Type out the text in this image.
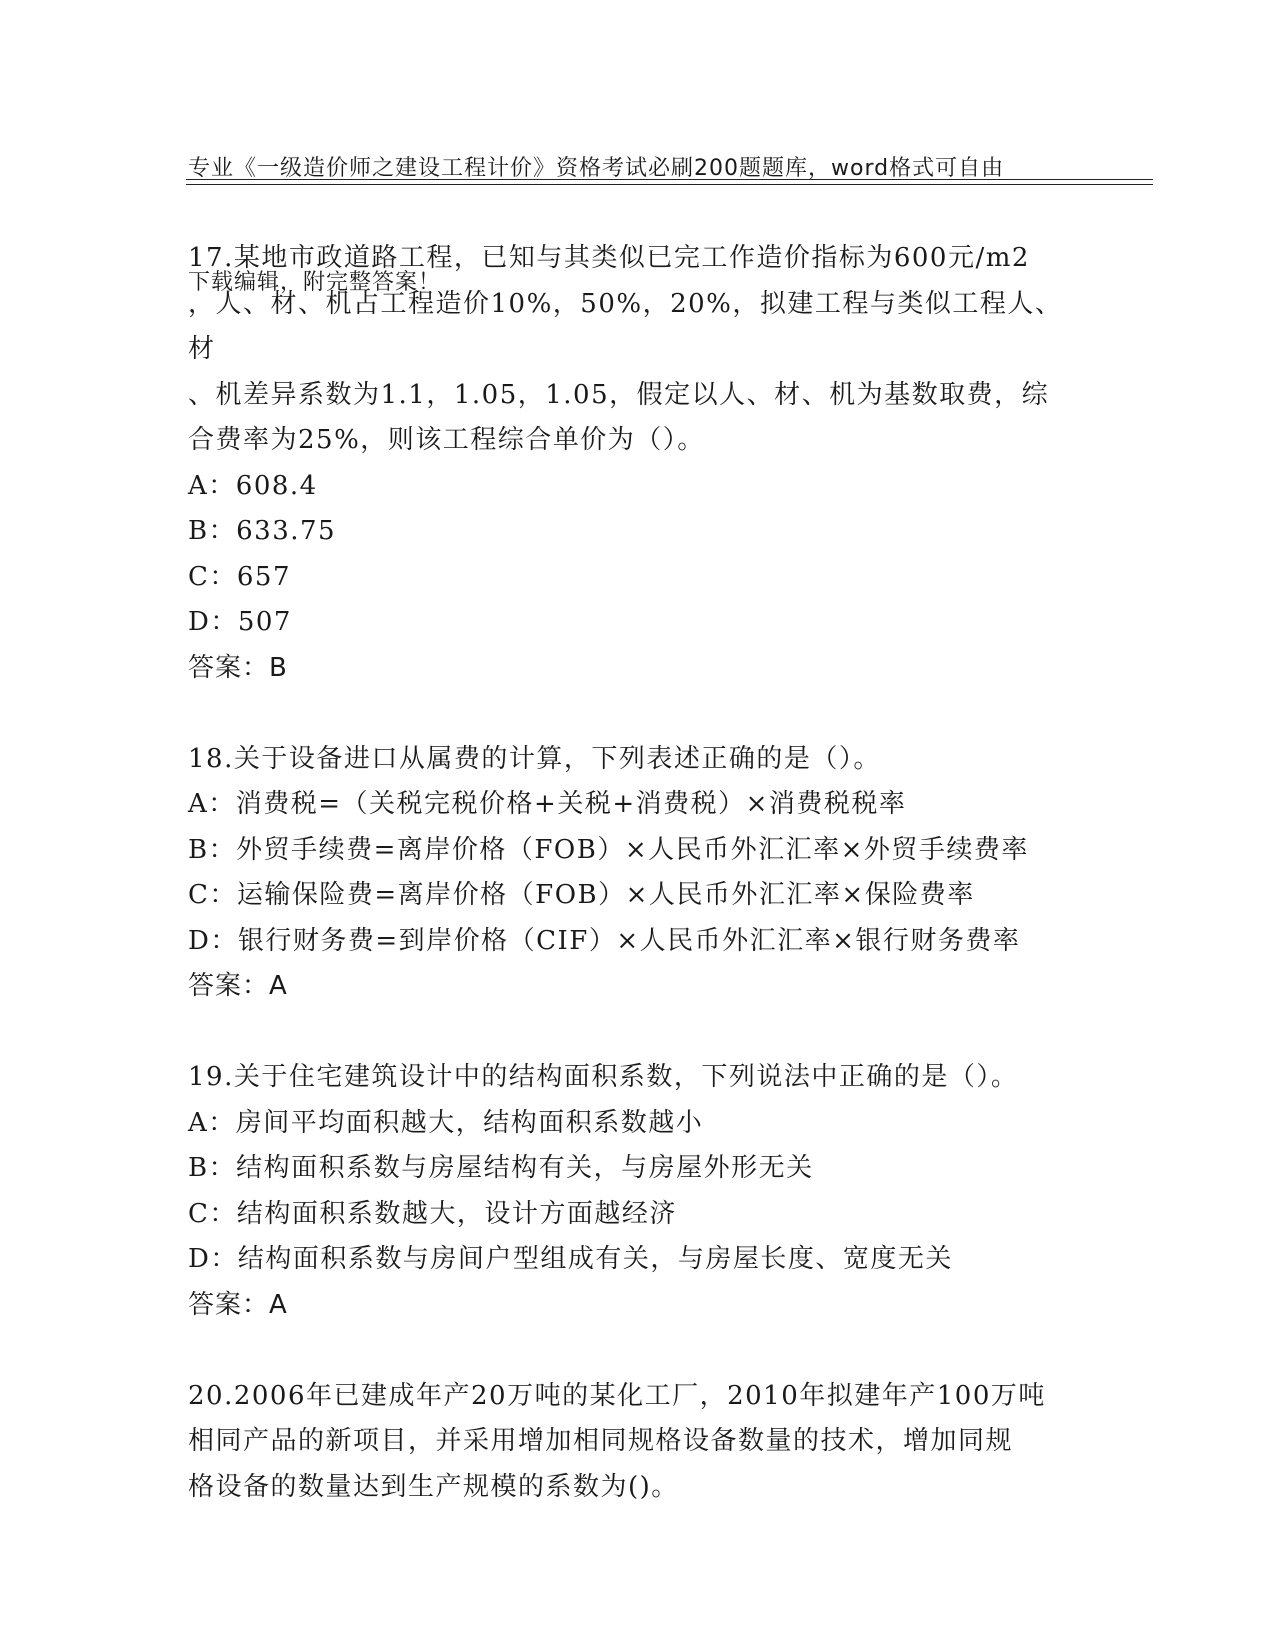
专业《一级造价师之建设工程计价》资格考试必刷200题题库，word格式可自由

下载编辑，附完整答案！

17.某地市政道路工程，已知与其类似已完工作造价指标为600元/m2

，人、材、机占工程造价10%，50%，20%，拟建工程与类似工程人、材

、机差异系数为1.1，1.05，1.05，假定以人、材、机为基数取费，综

合费率为25%，则该工程综合单价为（）。

A：608.4

B：633.75

C：657

D：507

答案：B

18.关于设备进口从属费的计算，下列表述正确的是（）。

A：消费税=（关税完税价格+关税+消费税）×消费税税率

B：外贸手续费=离岸价格（FOB）×人民币外汇汇率×外贸手续费率

C：运输保险费=离岸价格（FOB）×人民币外汇汇率×保险费率

D：银行财务费=到岸价格（CIF）×人民币外汇汇率×银行财务费率

答案：A

19.关于住宅建筑设计中的结构面积系数，下列说法中正确的是（）。

A：房间平均面积越大，结构面积系数越小

B：结构面积系数与房屋结构有关，与房屋外形无关

C：结构面积系数越大，设计方面越经济

D：结构面积系数与房间户型组成有关，与房屋长度、宽度无关

答案：A

20.2006年已建成年产20万吨的某化工厂，2010年拟建年产100万吨

相同产品的新项目，并采用增加相同规格设备数量的技术，增加同规

格设备的数量达到生产规模的系数为()。
